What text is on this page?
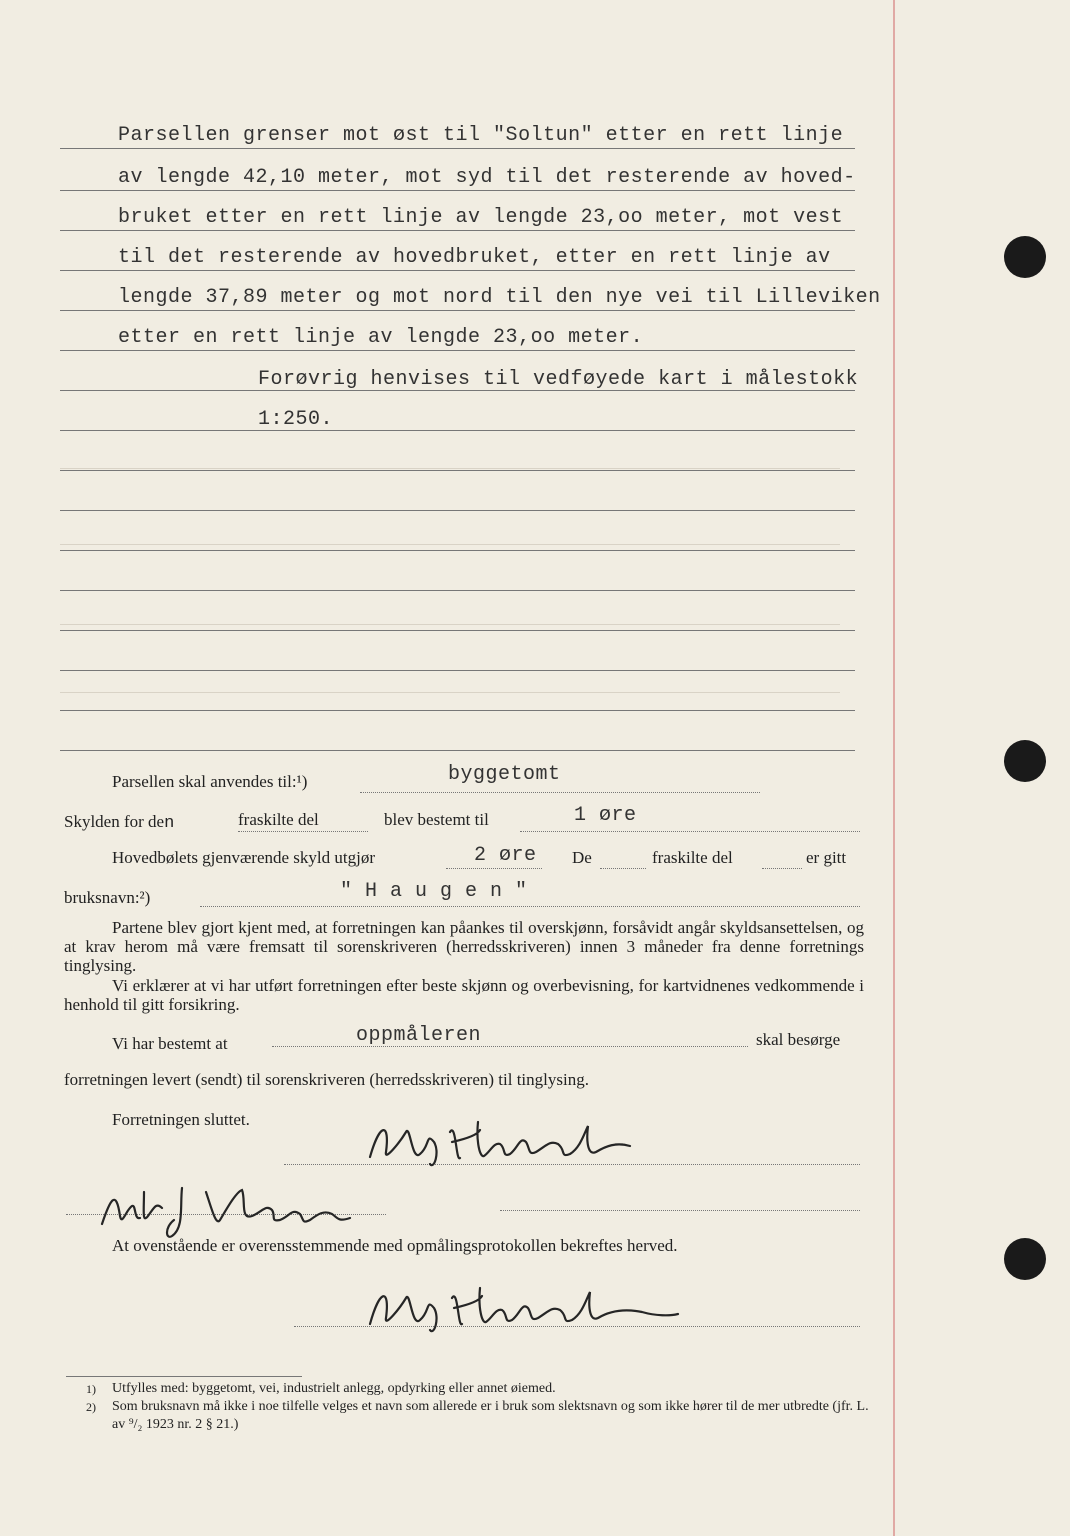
Parsellen grenser mot øst til "Soltun" etter en rett linje
av lengde 42,10 meter, mot syd til det resterende av hoved-
bruket etter en rett linje av lengde 23,oo meter, mot vest
til det resterende av hovedbruket, etter en rett linje av
lengde 37,89 meter og mot nord til den nye vei til Lilleviken
etter en rett linje av lengde 23,oo meter.
Forøvrig henvises til vedføyede kart i målestokk
1:250.
Parsellen skal anvendes til:¹)	byggetomt
Skylden for den	fraskilte del	blev bestemt til	1 øre
Hovedbølets gjenværende skyld utgjør	2 øre De	fraskilte del	er gitt
bruksnavn:²)	" H a u g e n "
Partene blev gjort kjent med, at forretningen kan påankes til overskjønn, forsåvidt angår skyldsansettelsen, og at krav herom må være fremsatt til sorenskriveren (herredsskriveren) innen 3 måneder fra denne forretnings tinglysing.
Vi erklærer at vi har utført forretningen efter beste skjønn og overbevisning, for kartvidnenes vedkommende i henhold til gitt forsikring.
Vi har bestemt at	oppmåleren	skal besørge
forretningen levert (sendt) til sorenskriveren (herredsskriveren) til tinglysing.
Forretningen sluttet.	Alf Hørtmark
Arth. J. Nesem
At ovenstående er overensstemmende med opmålingsprotokollen bekreftes herved.
Alf Hørtmark
1) Utfylles med: byggetomt, vei, industrielt anlegg, opdyrking eller annet øiemed.
2) Som bruksnavn må ikke i noe tilfelle velges et navn som allerede er i bruk som slektsnavn og som ikke hører til de mer utbredte (jfr. L. av ⁹/₂ 1923 nr. 2 § 21.)
